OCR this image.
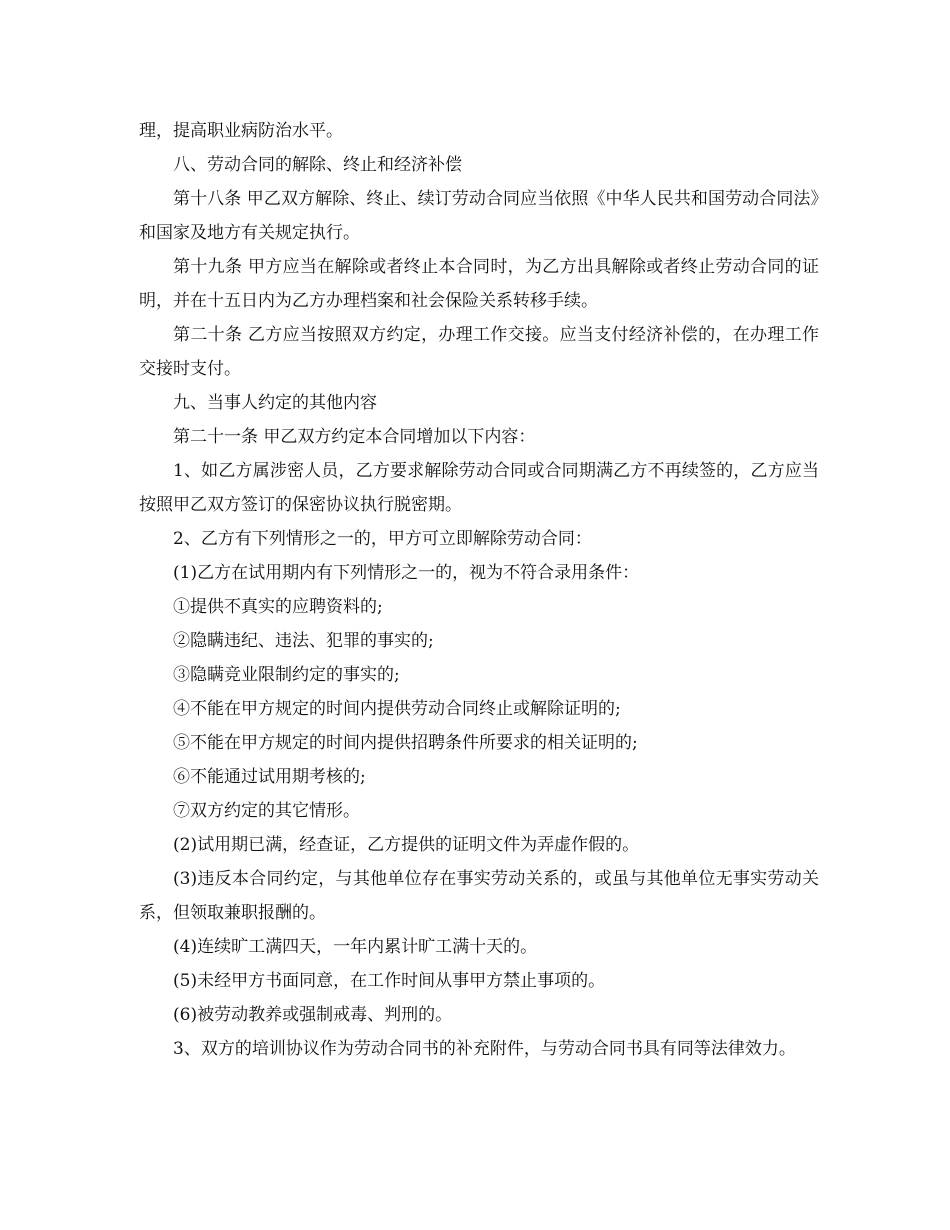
理，提高职业病防治水平。

八、劳动合同的解除、终止和经济补偿

第十八条 甲乙双方解除、终止、续订劳动合同应当依照《中华人民共和国劳动合同法》和国家及地方有关规定执行。

第十九条 甲方应当在解除或者终止本合同时，为乙方出具解除或者终止劳动合同的证明，并在十五日内为乙方办理档案和社会保险关系转移手续。

第二十条 乙方应当按照双方约定，办理工作交接。应当支付经济补偿的，在办理工作交接时支付。

九、当事人约定的其他内容

第二十一条 甲乙双方约定本合同增加以下内容：

1、如乙方属涉密人员，乙方要求解除劳动合同或合同期满乙方不再续签的，乙方应当按照甲乙双方签订的保密协议执行脱密期。

2、乙方有下列情形之一的，甲方可立即解除劳动合同：

(1)乙方在试用期内有下列情形之一的，视为不符合录用条件：

①提供不真实的应聘资料的;

②隐瞒违纪、违法、犯罪的事实的;

③隐瞒竞业限制约定的事实的;

④不能在甲方规定的时间内提供劳动合同终止或解除证明的;

⑤不能在甲方规定的时间内提供招聘条件所要求的相关证明的;

⑥不能通过试用期考核的;

⑦双方约定的其它情形。

(2)试用期已满，经查证，乙方提供的证明文件为弄虚作假的。

(3)违反本合同约定，与其他单位存在事实劳动关系的，或虽与其他单位无事实劳动关系，但领取兼职报酬的。

(4)连续旷工满四天，一年内累计旷工满十天的。

(5)未经甲方书面同意，在工作时间从事甲方禁止事项的。

(6)被劳动教养或强制戒毒、判刑的。

3、双方的培训协议作为劳动合同书的补充附件，与劳动合同书具有同等法律效力。
